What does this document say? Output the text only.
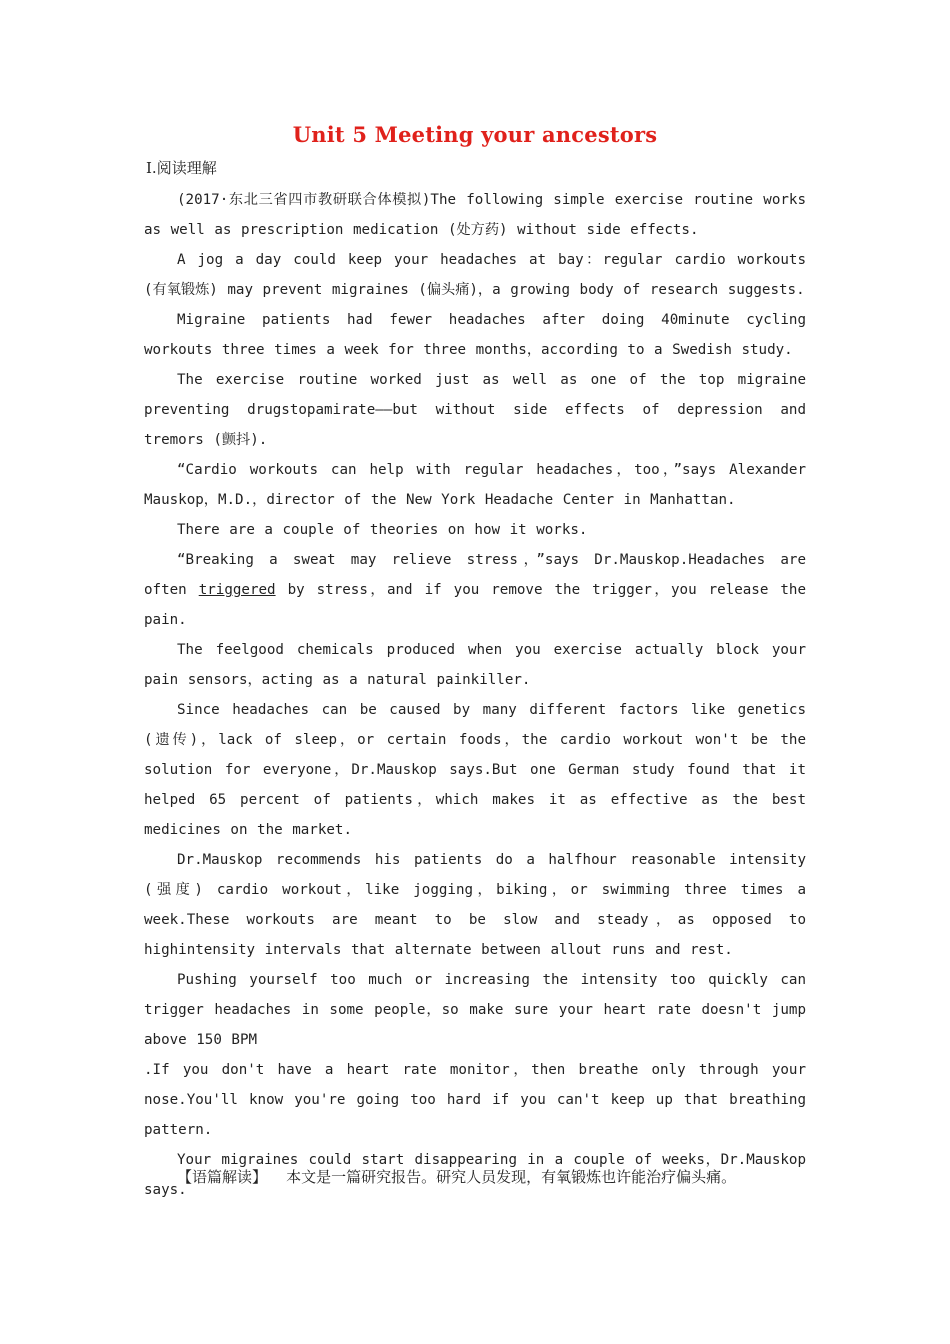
Unit 5 Meeting your ancestors
Ⅰ.阅读理解

(2017·东北三省四市教研联合体模拟)The following simple exercise routine works as well as prescription medication (处方药) without side effects.

A jog a day could keep your headaches at bay：regular cardio workouts (有氧锻炼) may prevent migraines (偏头痛)，a growing body of research suggests.

Migraine patients had fewer headaches after doing 40minute cycling workouts three times a week for three months，according to a Swedish study.

The exercise routine worked just as well as one of the top migraine preventing drugstopamirate——but without side effects of depression and tremors (颤抖).

“Cardio workouts can help with regular headaches，too，”says Alexander Mauskop，M.D.，director of the New York Headache Center in Manhattan.

There are a couple of theories on how it works.

“Breaking a sweat may relieve stress，”says Dr.Mauskop.Headaches are often triggered by stress，and if you remove the trigger，you release the pain.

The feelgood chemicals produced when you exercise actually block your pain sensors，acting as a natural painkiller.

Since headaches can be caused by many different factors like genetics (遗传)，lack of sleep，or certain foods，the cardio workout won't be the solution for everyone，Dr.Mauskop says.But one German study found that it helped 65 percent of patients，which makes it as effective as the best medicines on the market.

Dr.Mauskop recommends his patients do a halfhour reasonable intensity (强度) cardio workout，like jogging，biking，or swimming three times a week.These workouts are meant to be slow and steady，as opposed to highintensity intervals that alternate between allout runs and rest.

Pushing yourself too much or increasing the intensity too quickly can trigger headaches in some people，so make sure your heart rate doesn't jump above 150 BPM

.If you don't have a heart rate monitor，then breathe only through your nose.You'll know you're going too hard if you can't keep up that breathing pattern.

Your migraines could start disappearing in a couple of weeks，Dr.Mauskop says.

【语篇解读】 本文是一篇研究报告。研究人员发现，有氧锻炼也许能治疗偏头痛。
